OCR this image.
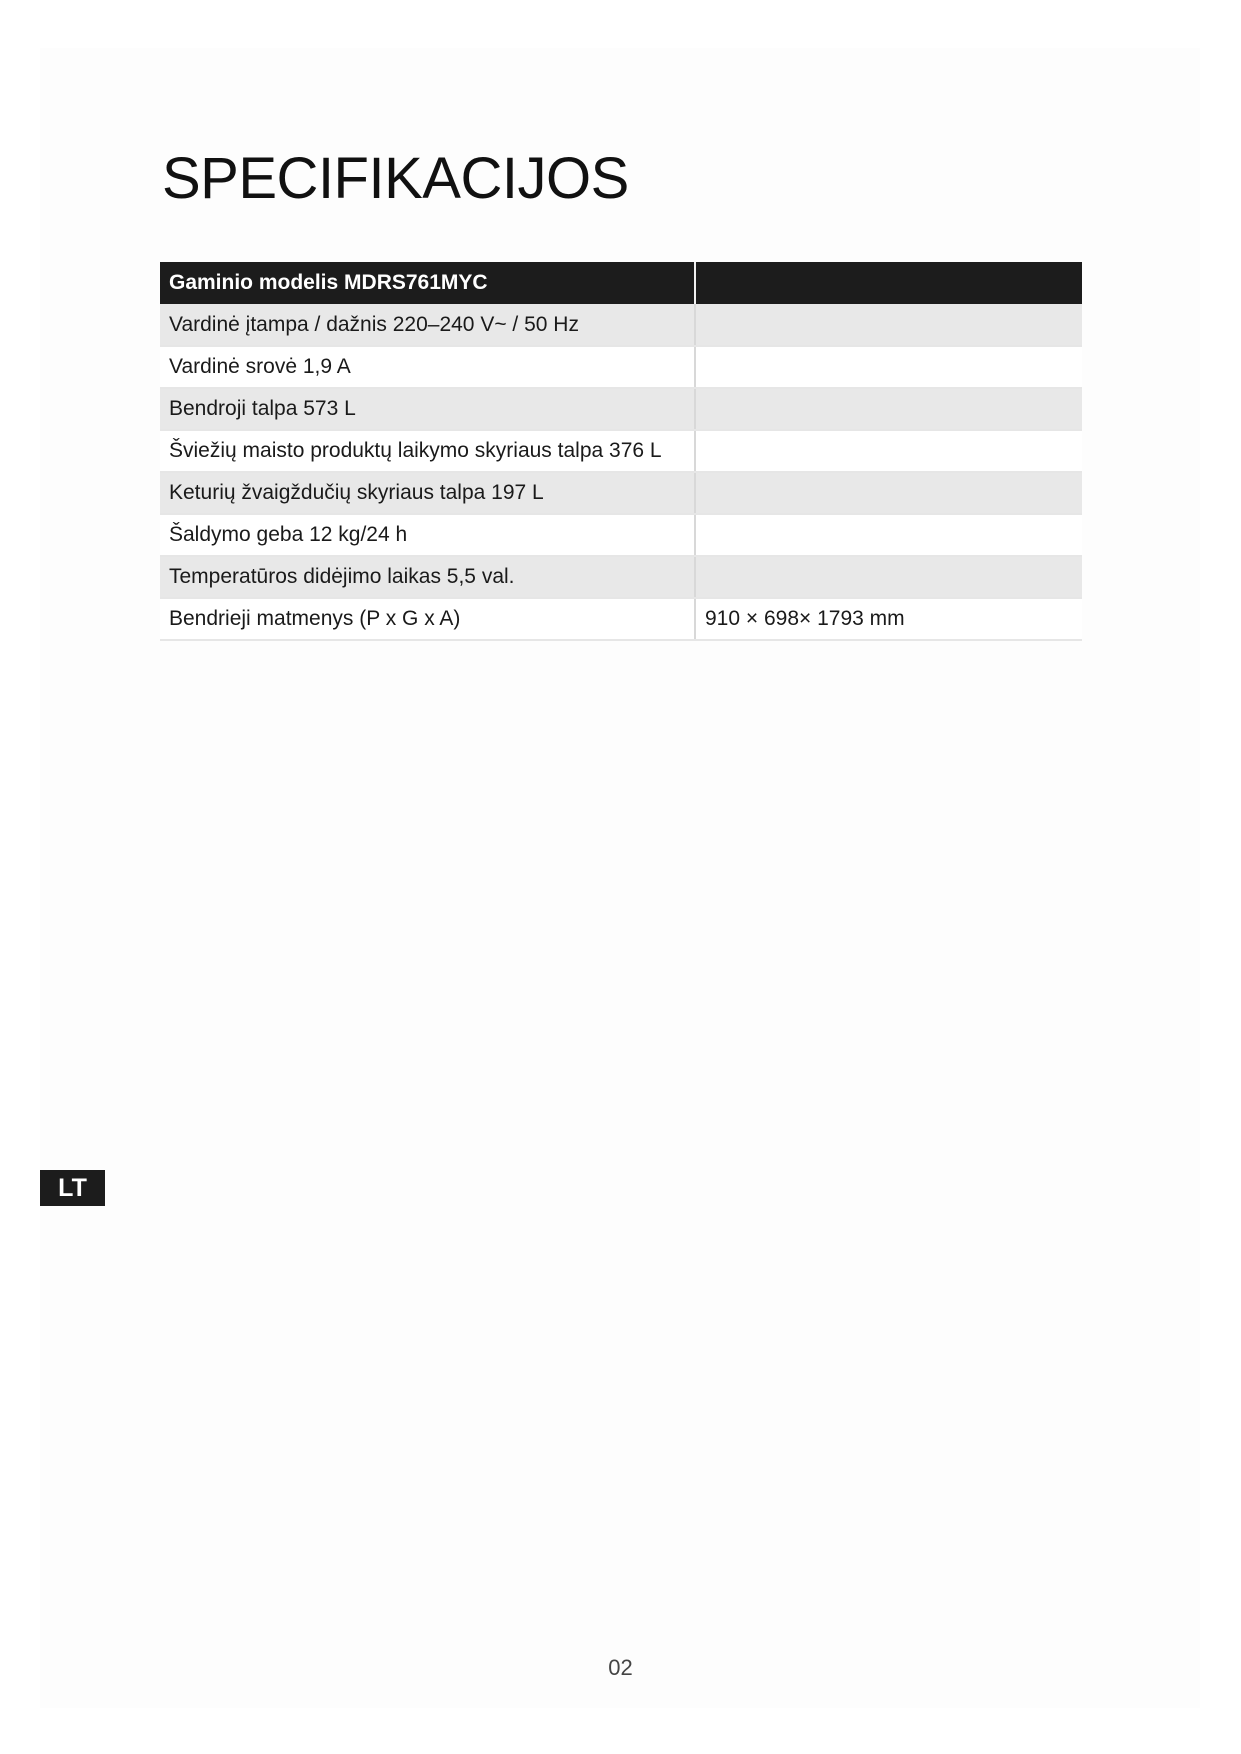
SPECIFIKACIJOS
Gaminio modelis MDRS761MYC	
Vardinė įtampa / dažnis 220–240 V~ / 50 Hz	
Vardinė srovė 1,9 A	
Bendroji talpa 573 L	
Šviežių maisto produktų laikymo skyriaus talpa 376 L	
Keturių žvaigždučių skyriaus talpa 197 L	
Šaldymo geba 12 kg/24 h	
Temperatūros didėjimo laikas 5,5 val.	
Bendrieji matmenys (P x G x A)	910 × 698× 1793 mm
LT
02
